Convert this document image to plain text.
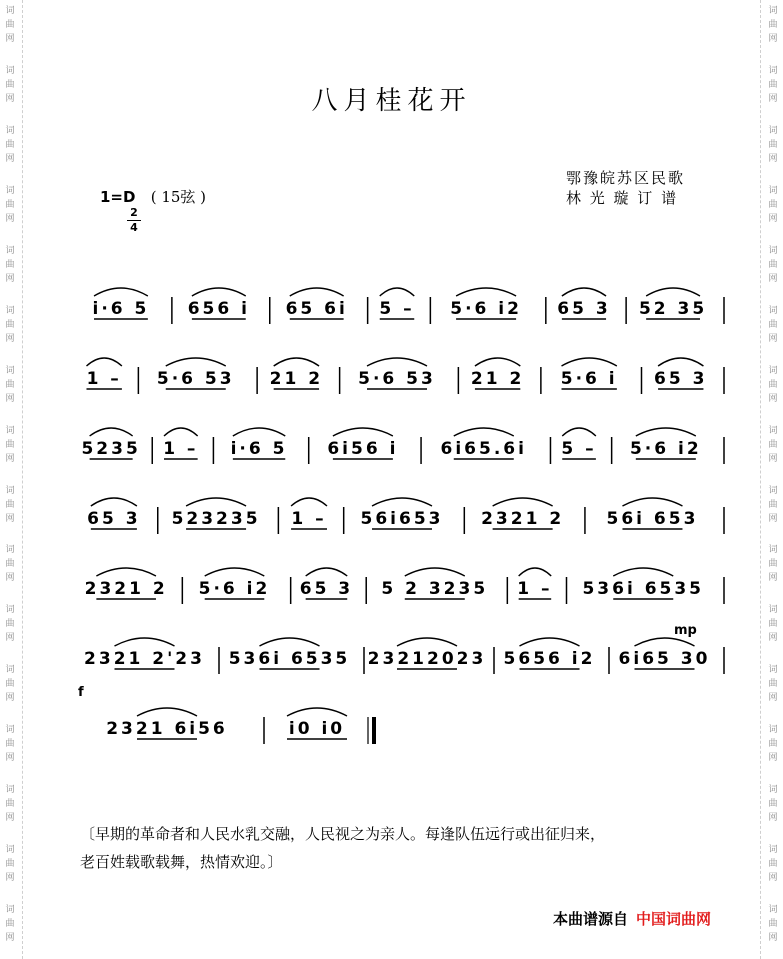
词
曲
网
词
曲
网
词
曲
网
词
曲
网
词
曲
网
词
曲
网
词
曲
网
词
曲
网
词
曲
网
词
曲
网
词
曲
网
词
曲
网
词
曲
网
词
曲
网
词
曲
网
词
曲
网
词
曲
网
词
曲
网
词
曲
网
词
曲
网
词
曲
网
词
曲
网
词
曲
网
词
曲
网
词
曲
网
词
曲
网
词
曲
网
词
曲
网
词
曲
网
词
曲
网
词
曲
网
词
曲
网
八月桂花开
鄂豫皖苏区民歌
林 光 璇 订 谱
1=D ( 15弦 )
2
4
i·6 5 656 i 65 6i 5 – 5·6 i2 65 3 52 35
1 – 5·6 53 21 2 5·6 53 21 2 5·6 i 65 3
5235 1 – i·6 5 6i56 i 6i65.6i 5 – 5·6 i2
65 3 523235 1 – 56i653 2321 2 56i 653
2321 2 5·6 i2 65 3 5 2 3235 1 – 536i 6535
2321 2'23 536i 6535 23212023 5656 i2 6i65 30
mp
2321 6i56	i0 i0
f
〔早期的革命者和人民水乳交融，人民视之为亲人。每逢队伍远行或出征归来，
老百姓载歌载舞，热情欢迎。〕
本曲谱源自 中国词曲网
